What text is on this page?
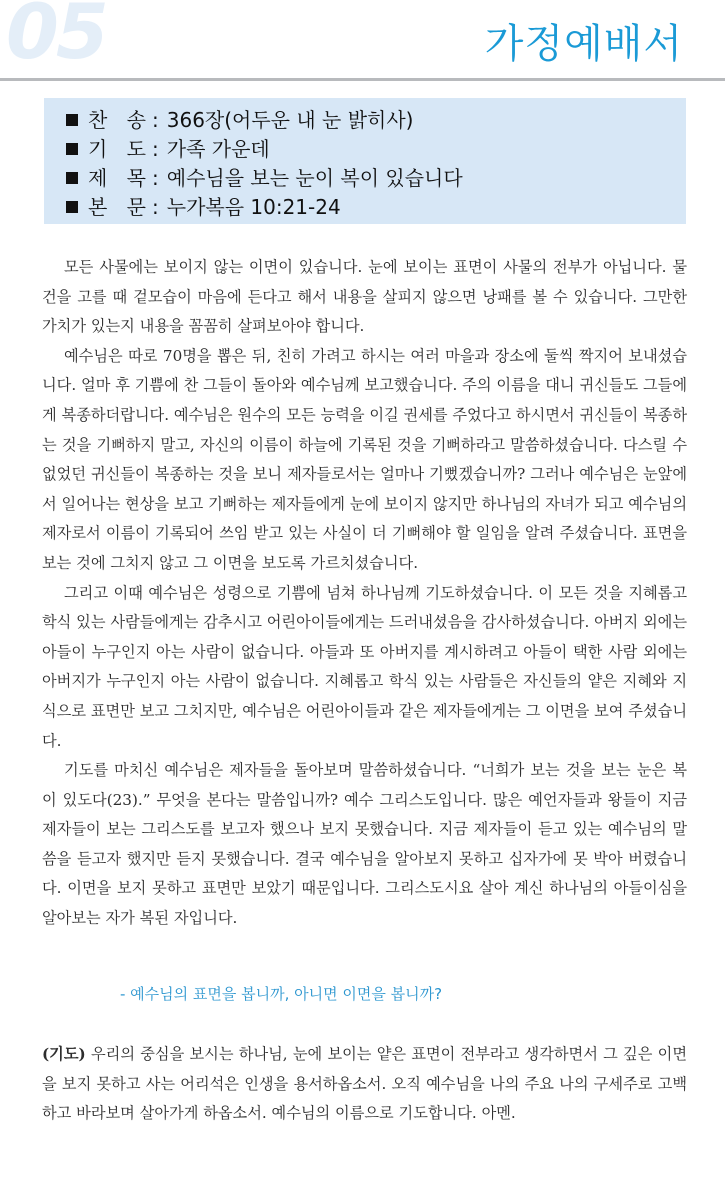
05	가정예배서
찬 송 : 366장(어두운 내 눈 밝히사)
기 도 : 가족 가운데
제 목 : 예수님을 보는 눈이 복이 있습니다
본 문 : 누가복음 10:21-24

모든 사물에는 보이지 않는 이면이 있습니다. 눈에 보이는 표면이 사물의 전부가 아닙니다. 물건을 고를 때 겉모습이 마음에 든다고 해서 내용을 살피지 않으면 낭패를 볼 수 있습니다. 그만한 가치가 있는지 내용을 꼼꼼히 살펴보아야 합니다.

예수님은 따로 70명을 뽑은 뒤, 친히 가려고 하시는 여러 마을과 장소에 둘씩 짝지어 보내셨습니다. 얼마 후 기쁨에 찬 그들이 돌아와 예수님께 보고했습니다. 주의 이름을 대니 귀신들도 그들에게 복종하더랍니다. 예수님은 원수의 모든 능력을 이길 권세를 주었다고 하시면서 귀신들이 복종하는 것을 기뻐하지 말고, 자신의 이름이 하늘에 기록된 것을 기뻐하라고 말씀하셨습니다. 다스릴 수 없었던 귀신들이 복종하는 것을 보니 제자들로서는 얼마나 기뻤겠습니까? 그러나 예수님은 눈앞에서 일어나는 현상을 보고 기뻐하는 제자들에게 눈에 보이지 않지만 하나님의 자녀가 되고 예수님의 제자로서 이름이 기록되어 쓰임 받고 있는 사실이 더 기뻐해야 할 일임을 알려 주셨습니다. 표면을 보는 것에 그치지 않고 그 이면을 보도록 가르치셨습니다.

그리고 이때 예수님은 성령으로 기쁨에 넘쳐 하나님께 기도하셨습니다. 이 모든 것을 지혜롭고 학식 있는 사람들에게는 감추시고 어린아이들에게는 드러내셨음을 감사하셨습니다. 아버지 외에는 아들이 누구인지 아는 사람이 없습니다. 아들과 또 아버지를 계시하려고 아들이 택한 사람 외에는 아버지가 누구인지 아는 사람이 없습니다. 지혜롭고 학식 있는 사람들은 자신들의 얕은 지혜와 지식으로 표면만 보고 그치지만, 예수님은 어린아이들과 같은 제자들에게는 그 이면을 보여 주셨습니다.

기도를 마치신 예수님은 제자들을 돌아보며 말씀하셨습니다. “너희가 보는 것을 보는 눈은 복이 있도다(23).” 무엇을 본다는 말씀입니까? 예수 그리스도입니다. 많은 예언자들과 왕들이 지금 제자들이 보는 그리스도를 보고자 했으나 보지 못했습니다. 지금 제자들이 듣고 있는 예수님의 말씀을 듣고자 했지만 듣지 못했습니다. 결국 예수님을 알아보지 못하고 십자가에 못 박아 버렸습니다. 이면을 보지 못하고 표면만 보았기 때문입니다. 그리스도시요 살아 계신 하나님의 아들이심을 알아보는 자가 복된 자입니다.

- 예수님의 표면을 봅니까, 아니면 이면을 봅니까?
(기도) 우리의 중심을 보시는 하나님, 눈에 보이는 얕은 표면이 전부라고 생각하면서 그 깊은 이면을 보지 못하고 사는 어리석은 인생을 용서하옵소서. 오직 예수님을 나의 주요 나의 구세주로 고백하고 바라보며 살아가게 하옵소서. 예수님의 이름으로 기도합니다. 아멘.
